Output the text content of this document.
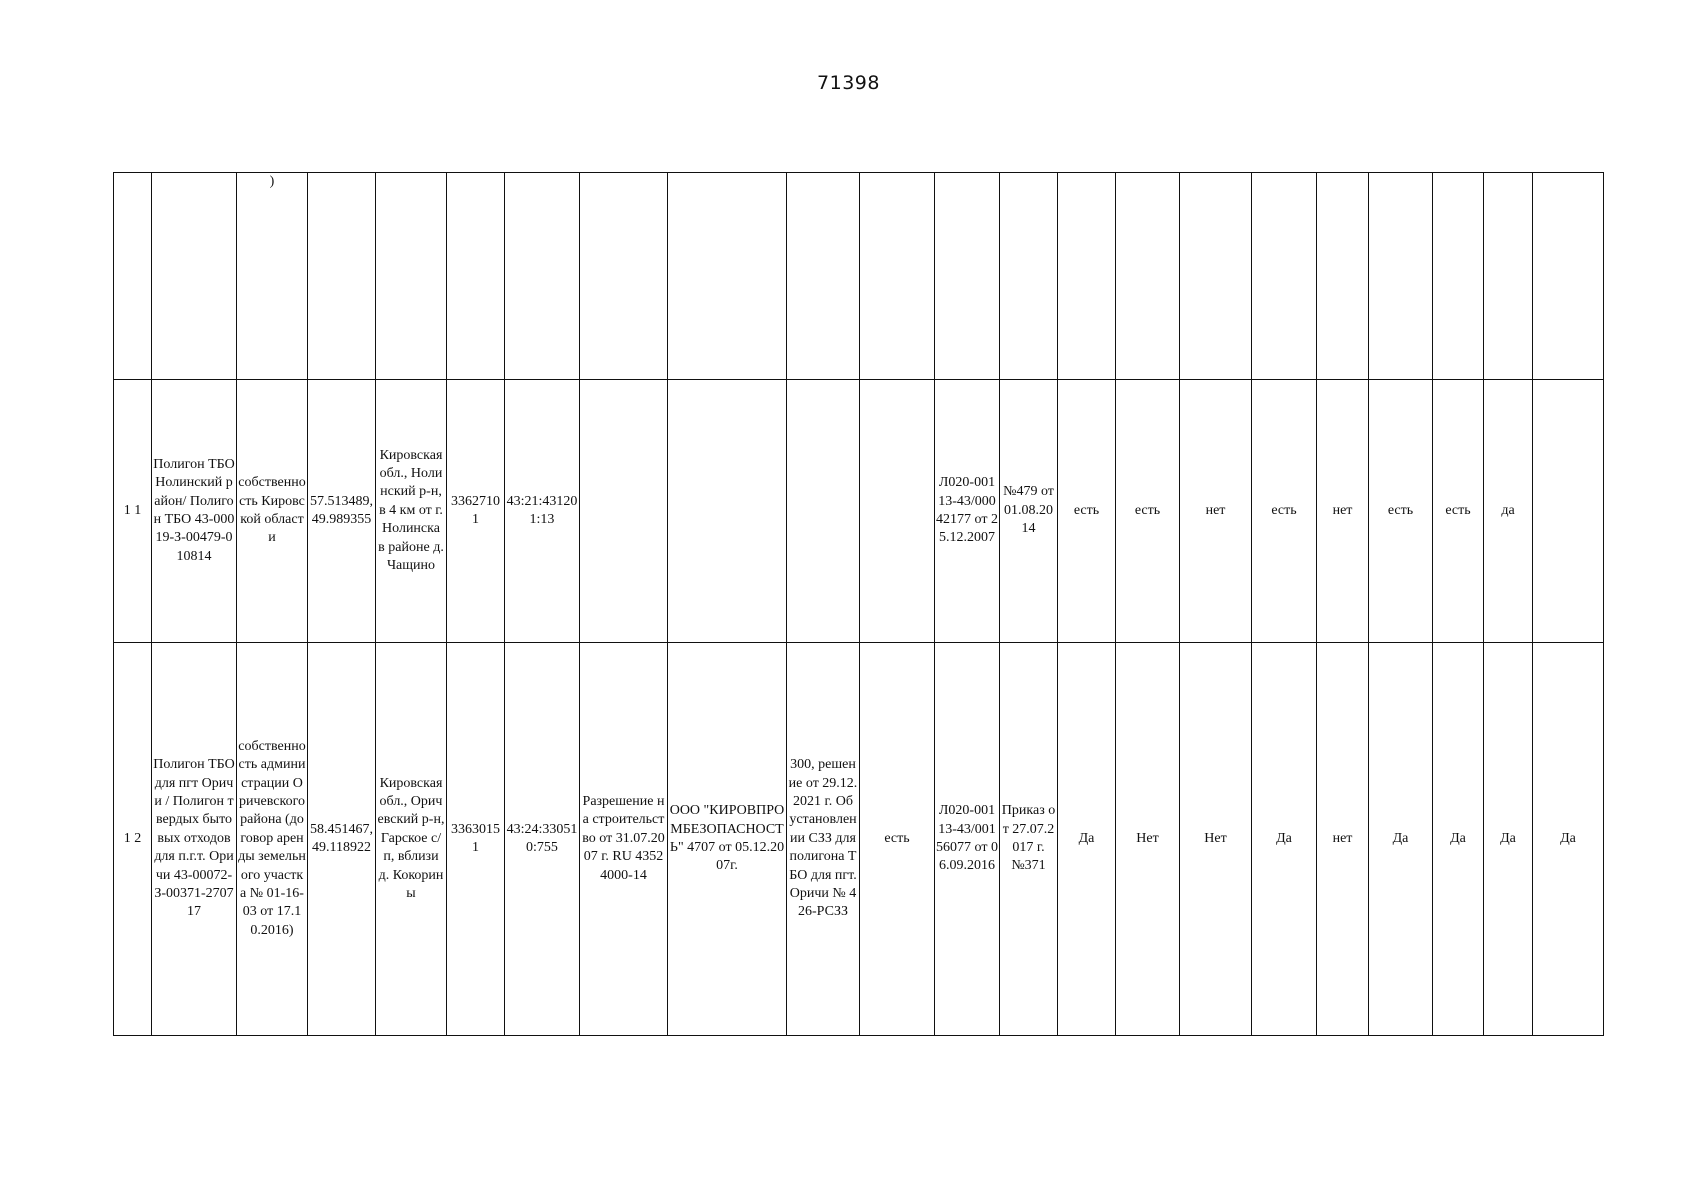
71398
		)																			
1 1	Полигон ТБО Нолинский район/ Полигон ТБО 43-00019-З-00479-010814	собственность Кировской области	57.513489, 49.989355	Кировская обл., Нолинский р-н, в 4 км от г. Нолинска в районе д. Чащино	33627101	43:21:431201:13					Л020-00113-43/00042177 от 25.12.2007	№479 от 01.08.2014	есть	есть	нет	есть	нет	есть	есть	да	
1 2	Полигон ТБО для пгт Оричи / Полигон твердых бытовых отходов для п.г.т. Оричи 43-00072-З-00371-270717	собственность администрации Оричевского района (договор аренды земельного участка № 01-16-03 от 17.10.2016)	58.451467, 49.118922	Кировская обл., Оричевский р-н, Гарское с/п, вблизи д. Кокорины	33630151	43:24:330510:755	Разрешение на строительство от 31.07.2007 г. RU 43524000-14	ООО "КИРОВПРОМБЕЗОПАСНОСТЬ" 4707 от 05.12.2007г.	300, решение от 29.12.2021 г. Об установлении СЗЗ для полигона ТБО для пгт. Оричи № 426-РСЗЗ	есть	Л020-00113-43/00156077 от 06.09.2016	Приказ от 27.07.2017 г. №371	Да	Нет	Нет	Да	нет	Да	Да	Да	Да
